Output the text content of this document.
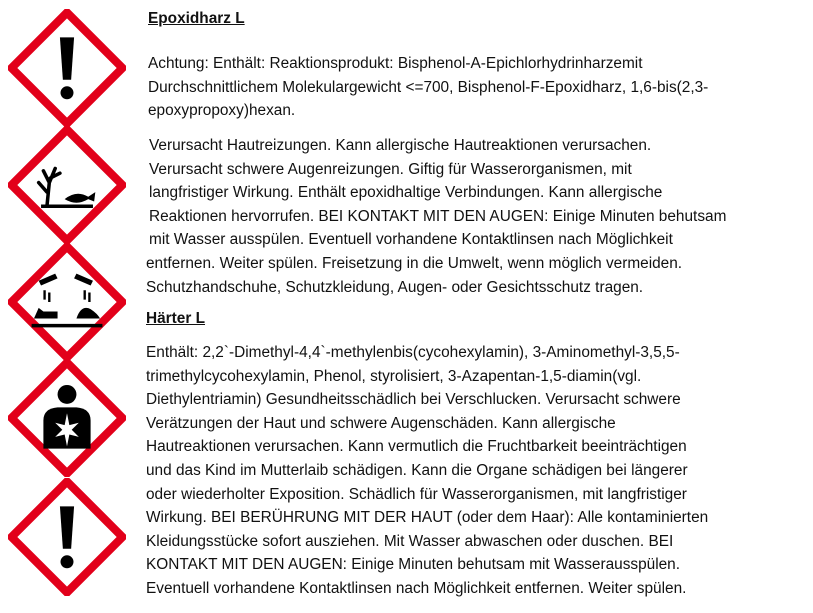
Epoxidharz L
Achtung: Enthält: Reaktionsprodukt: Bisphenol-A-Epichlorhydrinharzemit
Durchschnittlichem Molekulargewicht <=700, Bisphenol-F-Epoxidharz, 1,6-bis(2,3-
epoxypropoxy)hexan.
Verursacht Hautreizungen. Kann allergische Hautreaktionen verursachen.
Verursacht schwere Augenreizungen. Giftig für Wasserorganismen, mit
langfristiger Wirkung. Enthält epoxidhaltige Verbindungen. Kann allergische
Reaktionen hervorrufen. BEI KONTAKT MIT DEN AUGEN: Einige Minuten behutsam
mit Wasser ausspülen. Eventuell vorhandene Kontaktlinsen nach Möglichkeit
entfernen. Weiter spülen. Freisetzung in die Umwelt, wenn möglich vermeiden.
Schutzhandschuhe, Schutzkleidung, Augen- oder Gesichtsschutz tragen.
Härter L
Enthält: 2,2`-Dimethyl-4,4`-methylenbis(cycohexylamin), 3-Aminomethyl-3,5,5-
trimethylcycohexylamin, Phenol, styrolisiert, 3-Azapentan-1,5-diamin(vgl.
Diethylentriamin) Gesundheitsschädlich bei Verschlucken. Verursacht schwere
Verätzungen der Haut und schwere Augenschäden. Kann allergische
Hautreaktionen verursachen. Kann vermutlich die Fruchtbarkeit beeinträchtigen
und das Kind im Mutterlaib schädigen. Kann die Organe schädigen bei längerer
oder wiederholter Exposition. Schädlich für Wasserorganismen, mit langfristiger
Wirkung. BEI BERÜHRUNG MIT DER HAUT (oder dem Haar): Alle kontaminierten
Kleidungsstücke sofort ausziehen. Mit Wasser abwaschen oder duschen. BEI
KONTAKT MIT DEN AUGEN: Einige Minuten behutsam mit Wasserausspülen.
Eventuell vorhandene Kontaktlinsen nach Möglichkeit entfernen. Weiter spülen.
